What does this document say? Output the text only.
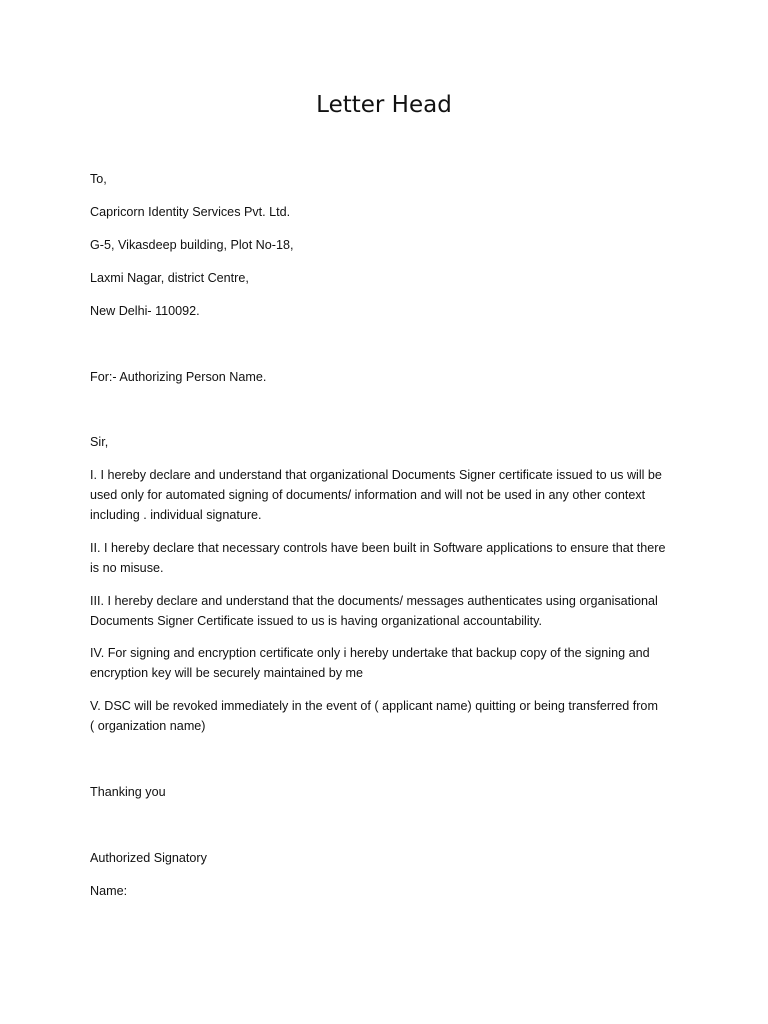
Letter Head
To,
Capricorn Identity Services Pvt. Ltd.
G-5, Vikasdeep building, Plot No-18,
Laxmi Nagar, district Centre,
New Delhi- 110092.
For:- Authorizing Person Name.
Sir,
I. I hereby declare and understand that organizational Documents Signer certificate issued to us will be
used only for automated signing of documents/ information and will not be used in any other context
including . individual signature.
II. I hereby declare that necessary controls have been built in Software applications to ensure that there
is no misuse.
III. I hereby declare and understand that the documents/ messages authenticates using organisational
Documents Signer Certificate issued to us is having organizational accountability.
IV. For signing and encryption certificate only i hereby undertake that backup copy of the signing and
encryption key will be securely maintained by me
V. DSC will be revoked immediately in the event of ( applicant name) quitting or being transferred from
( organization name)
Thanking you
Authorized Signatory
Name:
